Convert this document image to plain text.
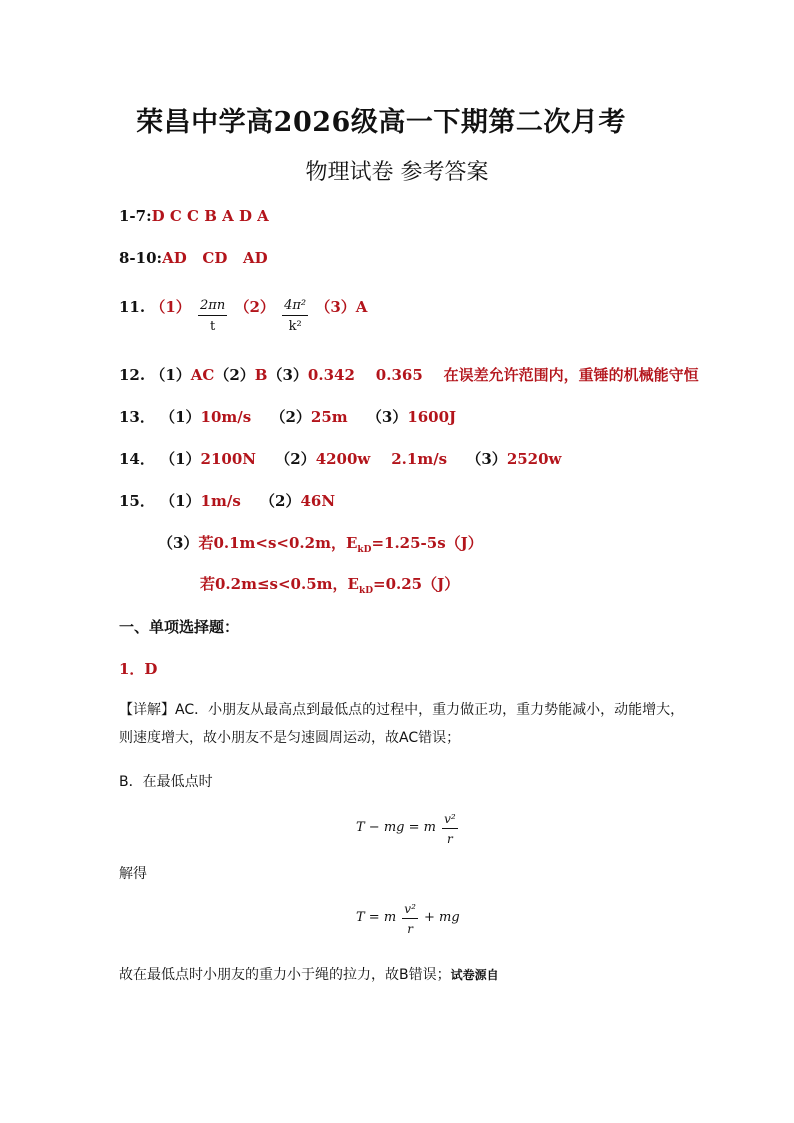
荣昌中学高2026级高一下期第二次月考
物理试卷 参考答案
1-7:D C C B A D A
8-10:AD   CD   AD
11. $(1) \frac{2\pi n}{t} (2) \frac{\text{4π²}}{\text{k²}} (3)A$
12. （1）AC（2）B（3）0.342    0.365    在误差允许范围内，重锤的机械能守恒
13． （1）10m/s （2）25m （3）1600J
14． （1）2100N （2）4200w    2.1m/s （3）2520w
15． （1）1m/s （2）46N
（3）若0.1m<s<0.2m，$E_{kD}=1.25-5s(J)$
若0.2m≤s<0.5m，$E_{kD}=0.25(J)$
一、单项选择题：
1．D
【详解】AC．小朋友从最高点到最低点的过程中，重力做正功，重力势能减小，动能增大，则速度增大，故小朋友不是匀速圆周运动，故AC错误；
B．在最低点时
T − mg = m $\frac{\text{v²}}{r}$
解得
T = m $\frac{\text{v²}}{r}$ + mg
故在最低点时小朋友的重力小于绳的拉力，故B错误；试卷源自
